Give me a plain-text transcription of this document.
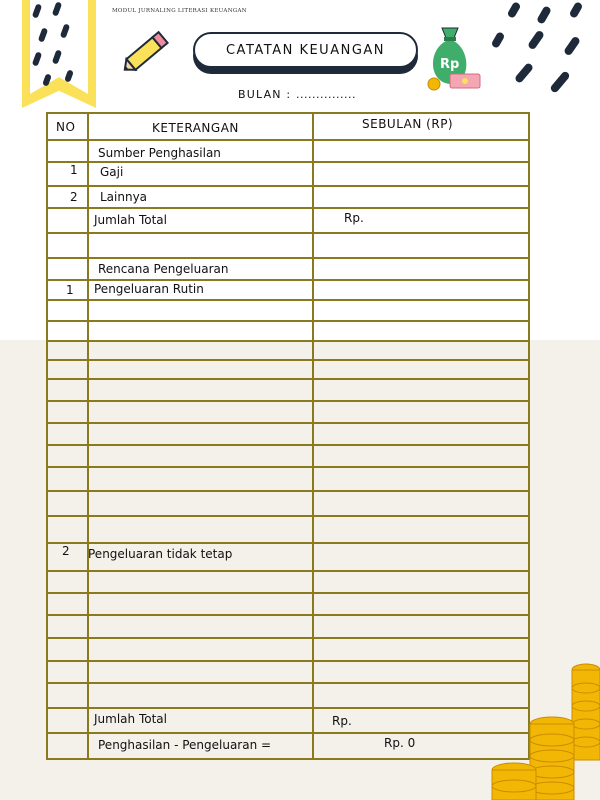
MODUL JURNALING LITERASI KEUANGAN
CATATAN KEUANGAN
Rp
BULAN : ...............
NO	KETERANGAN	SEBULAN (RP)
Sumber Penghasilan
1 Gaji
2 Lainnya
Jumlah Total	Rp.
Rencana Pengeluaran
1 Pengeluaran Rutin
2 Pengeluaran tidak tetap
Jumlah Total	Rp.
Penghasilan - Pengeluaran =	Rp. 0
